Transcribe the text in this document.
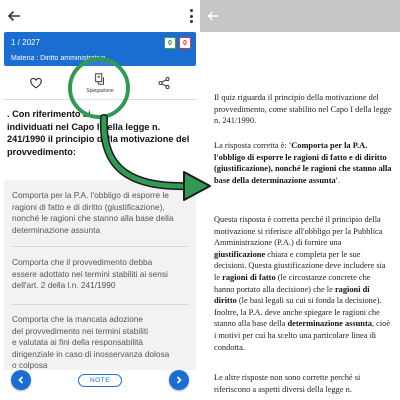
1 / 2027
Materia : Diritto amministrativo
0	0
Spiegazione
. Con riferimento ai
individuati nel Capo I della legge n.
241/1990 il principio della motivazione del
provvedimento:
Comporta per la P.A. l'obbligo di esporre le
ragioni di fatto e di diritto (giustificazione),
nonché le ragioni che stanno alla base della
determinazione assunta
Comporta che il provvedimento debba
essere adottato nei termini stabiliti ai sensi
dell'art. 2 della l.n. 241/1990
Comporta che la mancata adozione
del provvedimento nei termini stabiliti
e valutata ai fini della responsabilità
dirigenziale in caso di inosservanza dolosa
o colposa
NOTE

Il quiz riguarda il principio della motivazione del provvedimento, come stabilito nel Capo I della legge n. 241/1990.

La risposta corretta è: 'Comporta per la P.A. l'obbligo di esporre le ragioni di fatto e di diritto (giustificazione), nonché le ragioni che stanno alla base della determinazione assunta'.

Questa risposta è corretta perché il principio della motivazione si riferisce all'obbligo per la Pubblica Amministrazione (P.A.) di fornire una giustificazione chiara e completa per le sue decisioni. Questa giustificazione deve includere sia le ragioni di fatto (le circostanze concrete che hanno portato alla decisione) che le ragioni di diritto (le basi legali su cui si fonda la decisione). Inoltre, la P.A. deve anche spiegare le ragioni che stanno alla base della determinazione assunta, cioè i motivi per cui ha scelto una particolare linea di condotta.

Le altre risposte non sono corrette perché si riferiscono a aspetti diversi della legge n.
